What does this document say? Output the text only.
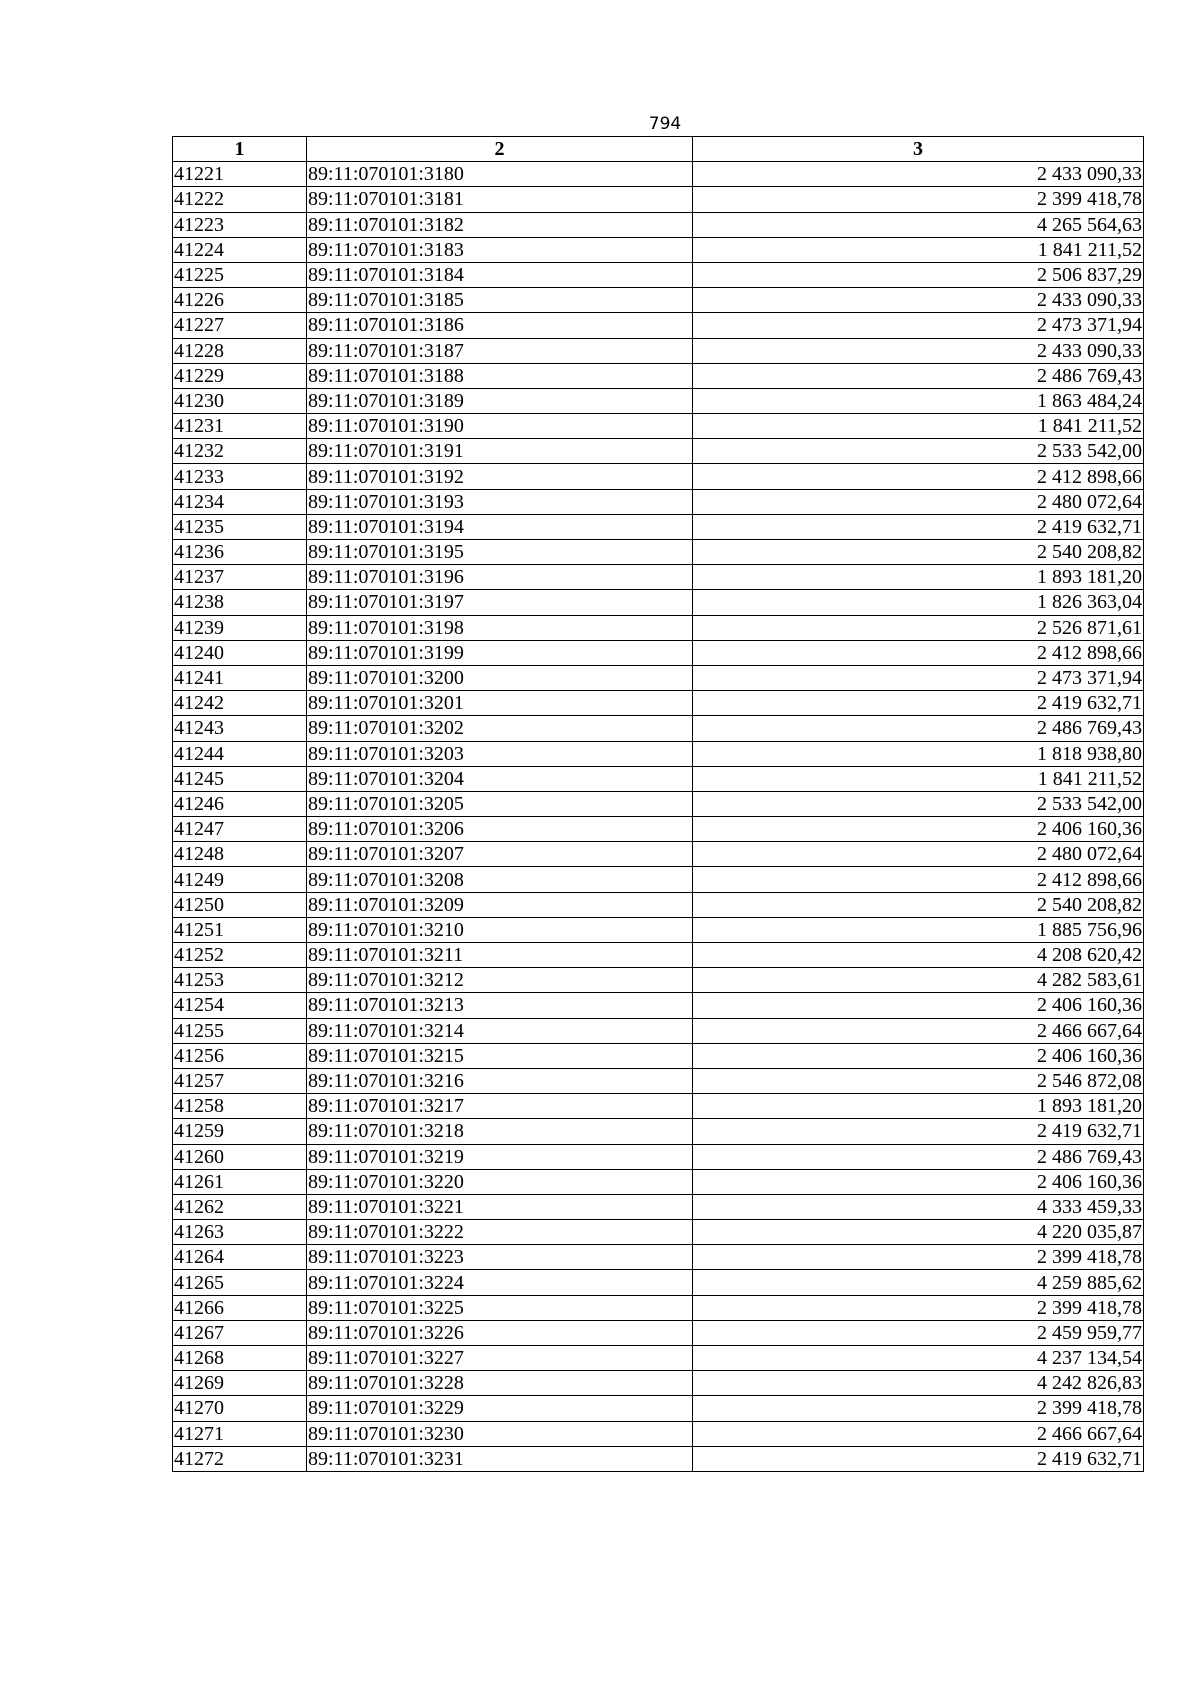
794
1	2	3
41221	89:11:070101:3180	2 433 090,33
41222	89:11:070101:3181	2 399 418,78
41223	89:11:070101:3182	4 265 564,63
41224	89:11:070101:3183	1 841 211,52
41225	89:11:070101:3184	2 506 837,29
41226	89:11:070101:3185	2 433 090,33
41227	89:11:070101:3186	2 473 371,94
41228	89:11:070101:3187	2 433 090,33
41229	89:11:070101:3188	2 486 769,43
41230	89:11:070101:3189	1 863 484,24
41231	89:11:070101:3190	1 841 211,52
41232	89:11:070101:3191	2 533 542,00
41233	89:11:070101:3192	2 412 898,66
41234	89:11:070101:3193	2 480 072,64
41235	89:11:070101:3194	2 419 632,71
41236	89:11:070101:3195	2 540 208,82
41237	89:11:070101:3196	1 893 181,20
41238	89:11:070101:3197	1 826 363,04
41239	89:11:070101:3198	2 526 871,61
41240	89:11:070101:3199	2 412 898,66
41241	89:11:070101:3200	2 473 371,94
41242	89:11:070101:3201	2 419 632,71
41243	89:11:070101:3202	2 486 769,43
41244	89:11:070101:3203	1 818 938,80
41245	89:11:070101:3204	1 841 211,52
41246	89:11:070101:3205	2 533 542,00
41247	89:11:070101:3206	2 406 160,36
41248	89:11:070101:3207	2 480 072,64
41249	89:11:070101:3208	2 412 898,66
41250	89:11:070101:3209	2 540 208,82
41251	89:11:070101:3210	1 885 756,96
41252	89:11:070101:3211	4 208 620,42
41253	89:11:070101:3212	4 282 583,61
41254	89:11:070101:3213	2 406 160,36
41255	89:11:070101:3214	2 466 667,64
41256	89:11:070101:3215	2 406 160,36
41257	89:11:070101:3216	2 546 872,08
41258	89:11:070101:3217	1 893 181,20
41259	89:11:070101:3218	2 419 632,71
41260	89:11:070101:3219	2 486 769,43
41261	89:11:070101:3220	2 406 160,36
41262	89:11:070101:3221	4 333 459,33
41263	89:11:070101:3222	4 220 035,87
41264	89:11:070101:3223	2 399 418,78
41265	89:11:070101:3224	4 259 885,62
41266	89:11:070101:3225	2 399 418,78
41267	89:11:070101:3226	2 459 959,77
41268	89:11:070101:3227	4 237 134,54
41269	89:11:070101:3228	4 242 826,83
41270	89:11:070101:3229	2 399 418,78
41271	89:11:070101:3230	2 466 667,64
41272	89:11:070101:3231	2 419 632,71
